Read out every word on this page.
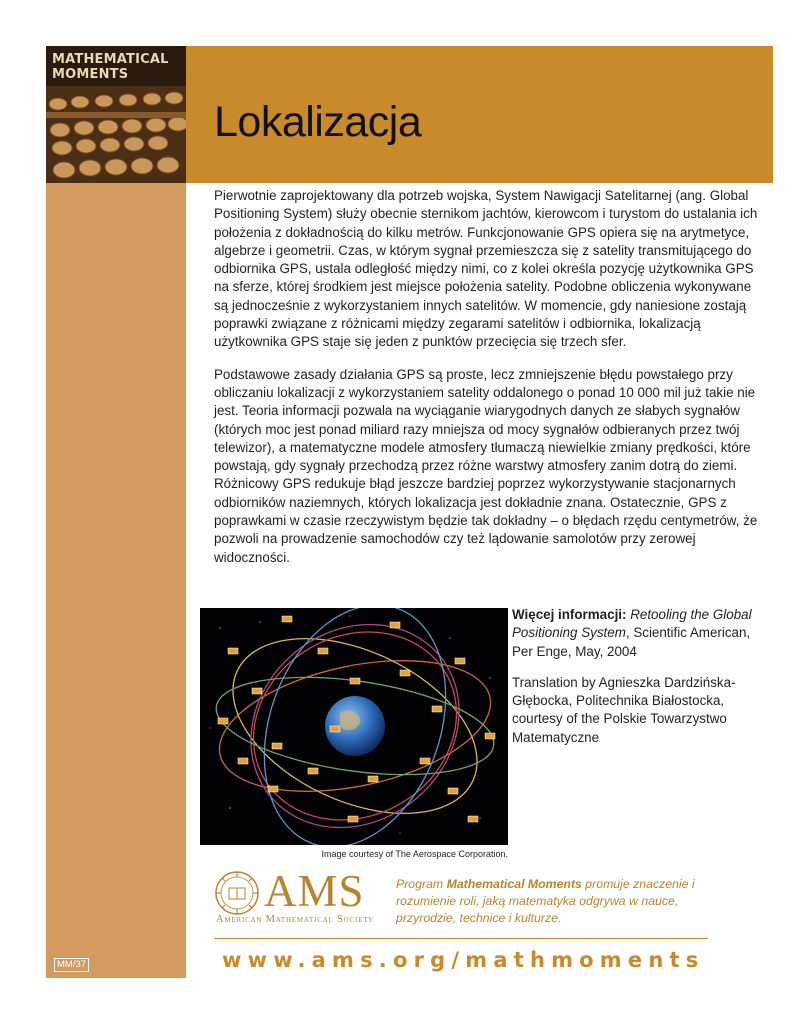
MATHEMATICAL
MOMENTS
Lokalizacja

Pierwotnie zaprojektowany dla potrzeb wojska, System Nawigacji Satelitarnej (ang. Global Positioning System) służy obecnie sternikom jachtów, kierowcom i turystom do ustalania ich położenia z dokładnością do kilku metrów. Funkcjonowanie GPS opiera się na arytmetyce, algebrze i geometrii. Czas, w którym sygnał przemieszcza się z satelity transmitującego do odbiornika GPS, ustala odległość między nimi, co z kolei określa pozycję użytkownika GPS na sferze, której środkiem jest miejsce położenia satelity. Podobne obliczenia wykonywane są jednocześnie z wykorzystaniem innych satelitów. W momencie, gdy naniesione zostają poprawki związane z różnicami między zegarami satelitów i odbiornika, lokalizacją użytkownika GPS staje się jeden z punktów przecięcia się trzech sfer.

Podstawowe zasady działania GPS są proste, lecz zmniejszenie błędu powstałego przy obliczaniu lokalizacji z wykorzystaniem satelity oddalonego o ponad 10 000 mil już takie nie jest. Teoria informacji pozwala na wyciąganie wiarygodnych danych ze słabych sygnałów (których moc jest ponad miliard razy mniejsza od mocy sygnałów odbieranych przez twój telewizor), a matematyczne modele atmosfery tłumaczą niewielkie zmiany prędkości, które powstają, gdy sygnały przechodzą przez różne warstwy atmosfery zanim dotrą do ziemi. Różnicowy GPS redukuje błąd jeszcze bardziej poprzez wykorzystywanie stacjonarnych odbiorników naziemnych, których lokalizacja jest dokładnie znana. Ostatecznie, GPS z poprawkami w czasie rzeczywistym będzie tak dokładny – o błędach rzędu centymetrów, że pozwoli na prowadzenie samochodów czy też lądowanie samolotów przy zerowej widoczności.

Image courtesy of The Aerospace Corporation.

Więcej informacji: Retooling the Global Positioning System, Scientific American, Per Enge, May, 2004

Translation by Agnieszka Dardzińska-Głębocka, Politechnika Białostocka, courtesy of the Polskie Towarzystwo Matematyczne

AMS
American Mathematical Society
Program Mathematical Moments promuje znaczenie i rozumienie roli, jaką matematyka odgrywa w nauce, przyrodzie, technice i kulturze.
www.ams.org/mathmoments
MM/37
